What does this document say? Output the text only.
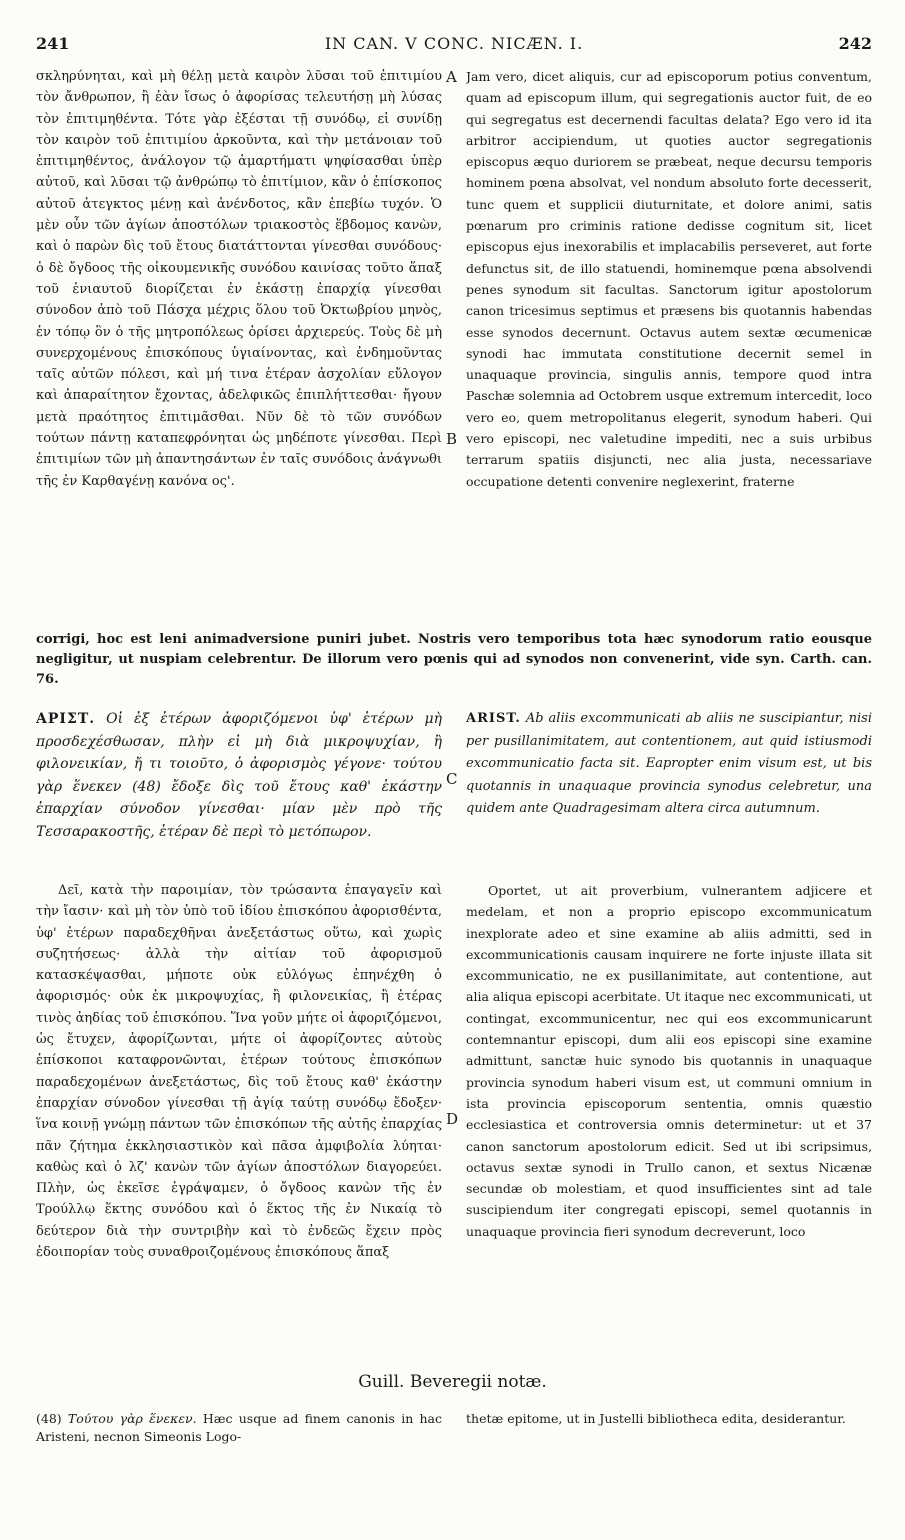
241	IN CAN. V CONC. NICÆN. I.	242

σκληρύνηται, καὶ μὴ θέλῃ μετὰ καιρὸν λῦσαι τοῦ ἐπιτιμίου τὸν ἄνθρωπον, ἢ ἐὰν ἴσως ὁ ἀφορίσας τελευτήσῃ μὴ λύσας τὸν ἐπιτιμηθέντα. Τότε γὰρ ἐξέσται τῇ συνόδῳ, εἰ συνίδῃ τὸν καιρὸν τοῦ ἐπιτιμίου ἀρκοῦντα, καὶ τὴν μετάνοιαν τοῦ ἐπιτιμηθέντος, ἀνάλογον τῷ ἁμαρτήματι ψηφίσασθαι ὑπὲρ αὐτοῦ, καὶ λῦσαι τῷ ἀνθρώπῳ τὸ ἐπιτίμιον, κἂν ὁ ἐπίσκοπος αὐτοῦ ἀτεγκτος μένῃ καὶ ἀνένδοτος, κἂν ἐπεβίω τυχόν. Ὁ μὲν οὖν τῶν ἁγίων ἀποστόλων τριακοστὸς ἕβδομος κανὼν, καὶ ὁ παρὼν δὶς τοῦ ἔτους διατάττονται γίνεσθαι συνόδους· ὁ δὲ ὄγδοος τῆς οἰκουμενικῆς συνόδου καινίσας τοῦτο ἅπαξ τοῦ ἐνιαυτοῦ διορίζεται ἐν ἑκάστῃ ἐπαρχίᾳ γίνεσθαι σύνοδον ἀπὸ τοῦ Πάσχα μέχρις ὅλου τοῦ Ὀκτωβρίου μηνὸς, ἐν τόπῳ ὃν ὁ τῆς μητροπόλεως ὁρίσει ἀρχιερεύς. Τοὺς δὲ μὴ συνερχομένους ἐπισκόπους ὑγιαίνοντας, καὶ ἐνδημοῦντας ταῖς αὐτῶν πόλεσι, καὶ μή τινα ἑτέραν ἀσχολίαν εὔλογον καὶ ἀπαραίτητον ἔχοντας, ἀδελφικῶς ἐπιπλήττεσθαι· ἤγουν μετὰ πραότητος ἐπιτιμᾶσθαι. Νῦν δὲ τὸ τῶν συνόδων τούτων πάντῃ καταπεφρόνηται ὡς μηδέποτε γίνεσθαι. Περὶ ἐπιτιμίων τῶν μὴ ἀπαντησάντων ἐν ταῖς συνόδοις ἀνάγνωθι τῆς ἐν Καρθαγένῃ κανόνα ος'.

Jam vero, dicet aliquis, cur ad episcoporum potius conventum, quam ad episcopum illum, qui segregationis auctor fuit, de eo qui segregatus est decernendi facultas delata? Ego vero id ita arbitror accipiendum, ut quoties auctor segregationis episcopus æquo duriorem se præbeat, neque decursu temporis hominem pœna absolvat, vel nondum absoluto forte decesserit, tunc quem et supplicii diuturnitate, et dolore animi, satis pœnarum pro criminis ratione dedisse cognitum sit, licet episcopus ejus inexorabilis et implacabilis perseveret, aut forte defunctus sit, de illo statuendi, hominemque pœna absolvendi penes synodum sit facultas. Sanctorum igitur apostolorum canon tricesimus septimus et præsens bis quotannis habendas esse synodos decernunt. Octavus autem sextæ œcumenicæ synodi hac immutata constitutione decernit semel in unaquaque provincia, singulis annis, tempore quod intra Paschæ solemnia ad Octobrem usque extremum intercedit, loco vero eo, quem metropolitanus elegerit, synodum haberi. Qui vero episcopi, nec valetudine impediti, nec a suis urbibus terrarum spatiis disjuncti, nec alia justa, necessariave occupatione detenti convenire neglexerint, fraterne

A
B
C
D

corrigi, hoc est leni animadversione puniri jubet. Nostris vero temporibus tota hæc synodorum ratio eousque negligitur, ut nuspiam celebrentur. De illorum vero pœnis qui ad synodos non convenerint, vide syn. Carth. can. 76.

ΑΡΙΣΤ. Οἱ ἐξ ἑτέρων ἀφοριζόμενοι ὑφ' ἑτέρων μὴ προσδεχέσθωσαν, πλὴν εἰ μὴ διὰ μικροψυχίαν, ἢ φιλονεικίαν, ἤ τι τοιοῦτο, ὁ ἀφορισμὸς γέγονε· τούτου γὰρ ἕνεκεν (48) ἔδοξε δὶς τοῦ ἔτους καθ' ἑκάστην ἐπαρχίαν σύνοδον γίνεσθαι· μίαν μὲν πρὸ τῆς Τεσσαρακοστῆς, ἑτέραν δὲ περὶ τὸ μετόπωρον.

ARIST. Ab aliis excommunicati ab aliis ne suscipiantur, nisi per pusillanimitatem, aut contentionem, aut quid istiusmodi excommunicatio facta sit. Eapropter enim visum est, ut bis quotannis in unaquaque provincia synodus celebretur, una quidem ante Quadragesimam altera circa autumnum.

Δεῖ, κατὰ τὴν παροιμίαν, τὸν τρώσαντα ἐπαγαγεῖν καὶ τὴν ἴασιν· καὶ μὴ τὸν ὑπὸ τοῦ ἰδίου ἐπισκόπου ἀφορισθέντα, ὑφ' ἑτέρων παραδεχθῆναι ἀνεξετάστως οὕτω, καὶ χωρὶς συζητήσεως· ἀλλὰ τὴν αἰτίαν τοῦ ἀφορισμοῦ κατασκέψασθαι, μήποτε οὐκ εὐλόγως ἐπηνέχθη ὁ ἀφορισμός· οὐκ ἐκ μικροψυχίας, ἢ φιλονεικίας, ἢ ἑτέρας τινὸς ἀηδίας τοῦ ἐπισκόπου. Ἵνα γοῦν μήτε οἱ ἀφοριζόμενοι, ὡς ἔτυχεν, ἀφορίζωνται, μήτε οἱ ἀφορίζοντες αὐτοὺς ἐπίσκοποι καταφρονῶνται, ἑτέρων τούτους ἐπισκόπων παραδεχομένων ἀνεξετάστως, δὶς τοῦ ἔτους καθ' ἑκάστην ἐπαρχίαν σύνοδον γίνεσθαι τῇ ἁγίᾳ ταύτῃ συνόδῳ ἔδοξεν· ἵνα κοινῇ γνώμῃ πάντων τῶν ἐπισκόπων τῆς αὐτῆς ἐπαρχίας πᾶν ζήτημα ἐκκλησιαστικὸν καὶ πᾶσα ἀμφιβολία λύηται· καθὼς καὶ ὁ λζ' κανὼν τῶν ἁγίων ἀποστόλων διαγορεύει. Πλὴν, ὡς ἐκεῖσε ἐγράψαμεν, ὁ ὄγδοος κανὼν τῆς ἐν Τρούλλῳ ἕκτης συνόδου καὶ ὁ ἕκτος τῆς ἐν Νικαίᾳ τὸ δεύτερον διὰ τὴν συντριβὴν καὶ τὸ ἐνδεῶς ἔχειν πρὸς ἐδοιπορίαν τοὺς συναθροιζομένους ἐπισκόπους ἅπαξ

Oportet, ut ait proverbium, vulnerantem adjicere et medelam, et non a proprio episcopo excommunicatum inexplorate adeo et sine examine ab aliis admitti, sed in excommunicationis causam inquirere ne forte injuste illata sit excommunicatio, ne ex pusillanimitate, aut contentione, aut alia aliqua episcopi acerbitate. Ut itaque nec excommunicati, ut contingat, excommunicentur, nec qui eos excommunicarunt contemnantur episcopi, dum alii eos episcopi sine examine admittunt, sanctæ huic synodo bis quotannis in unaquaque provincia synodum haberi visum est, ut communi omnium in ista provincia episcoporum sententia, omnis quæstio ecclesiastica et controversia omnis determinetur: ut et 37 canon sanctorum apostolorum edicit. Sed ut ibi scripsimus, octavus sextæ synodi in Trullo canon, et sextus Nicænæ secundæ ob molestiam, et quod insufficientes sint ad tale suscipiendum iter congregati episcopi, semel quotannis in unaquaque provincia fieri synodum decreverunt, loco

Guill. Beveregii notæ.
(48) Τούτου γὰρ ἕνεκεν. Hæc usque ad finem canonis in hac Aristeni, necnon Simeonis Logo-
thetæ epitome, ut in Justelli bibliotheca edita, desiderantur.
